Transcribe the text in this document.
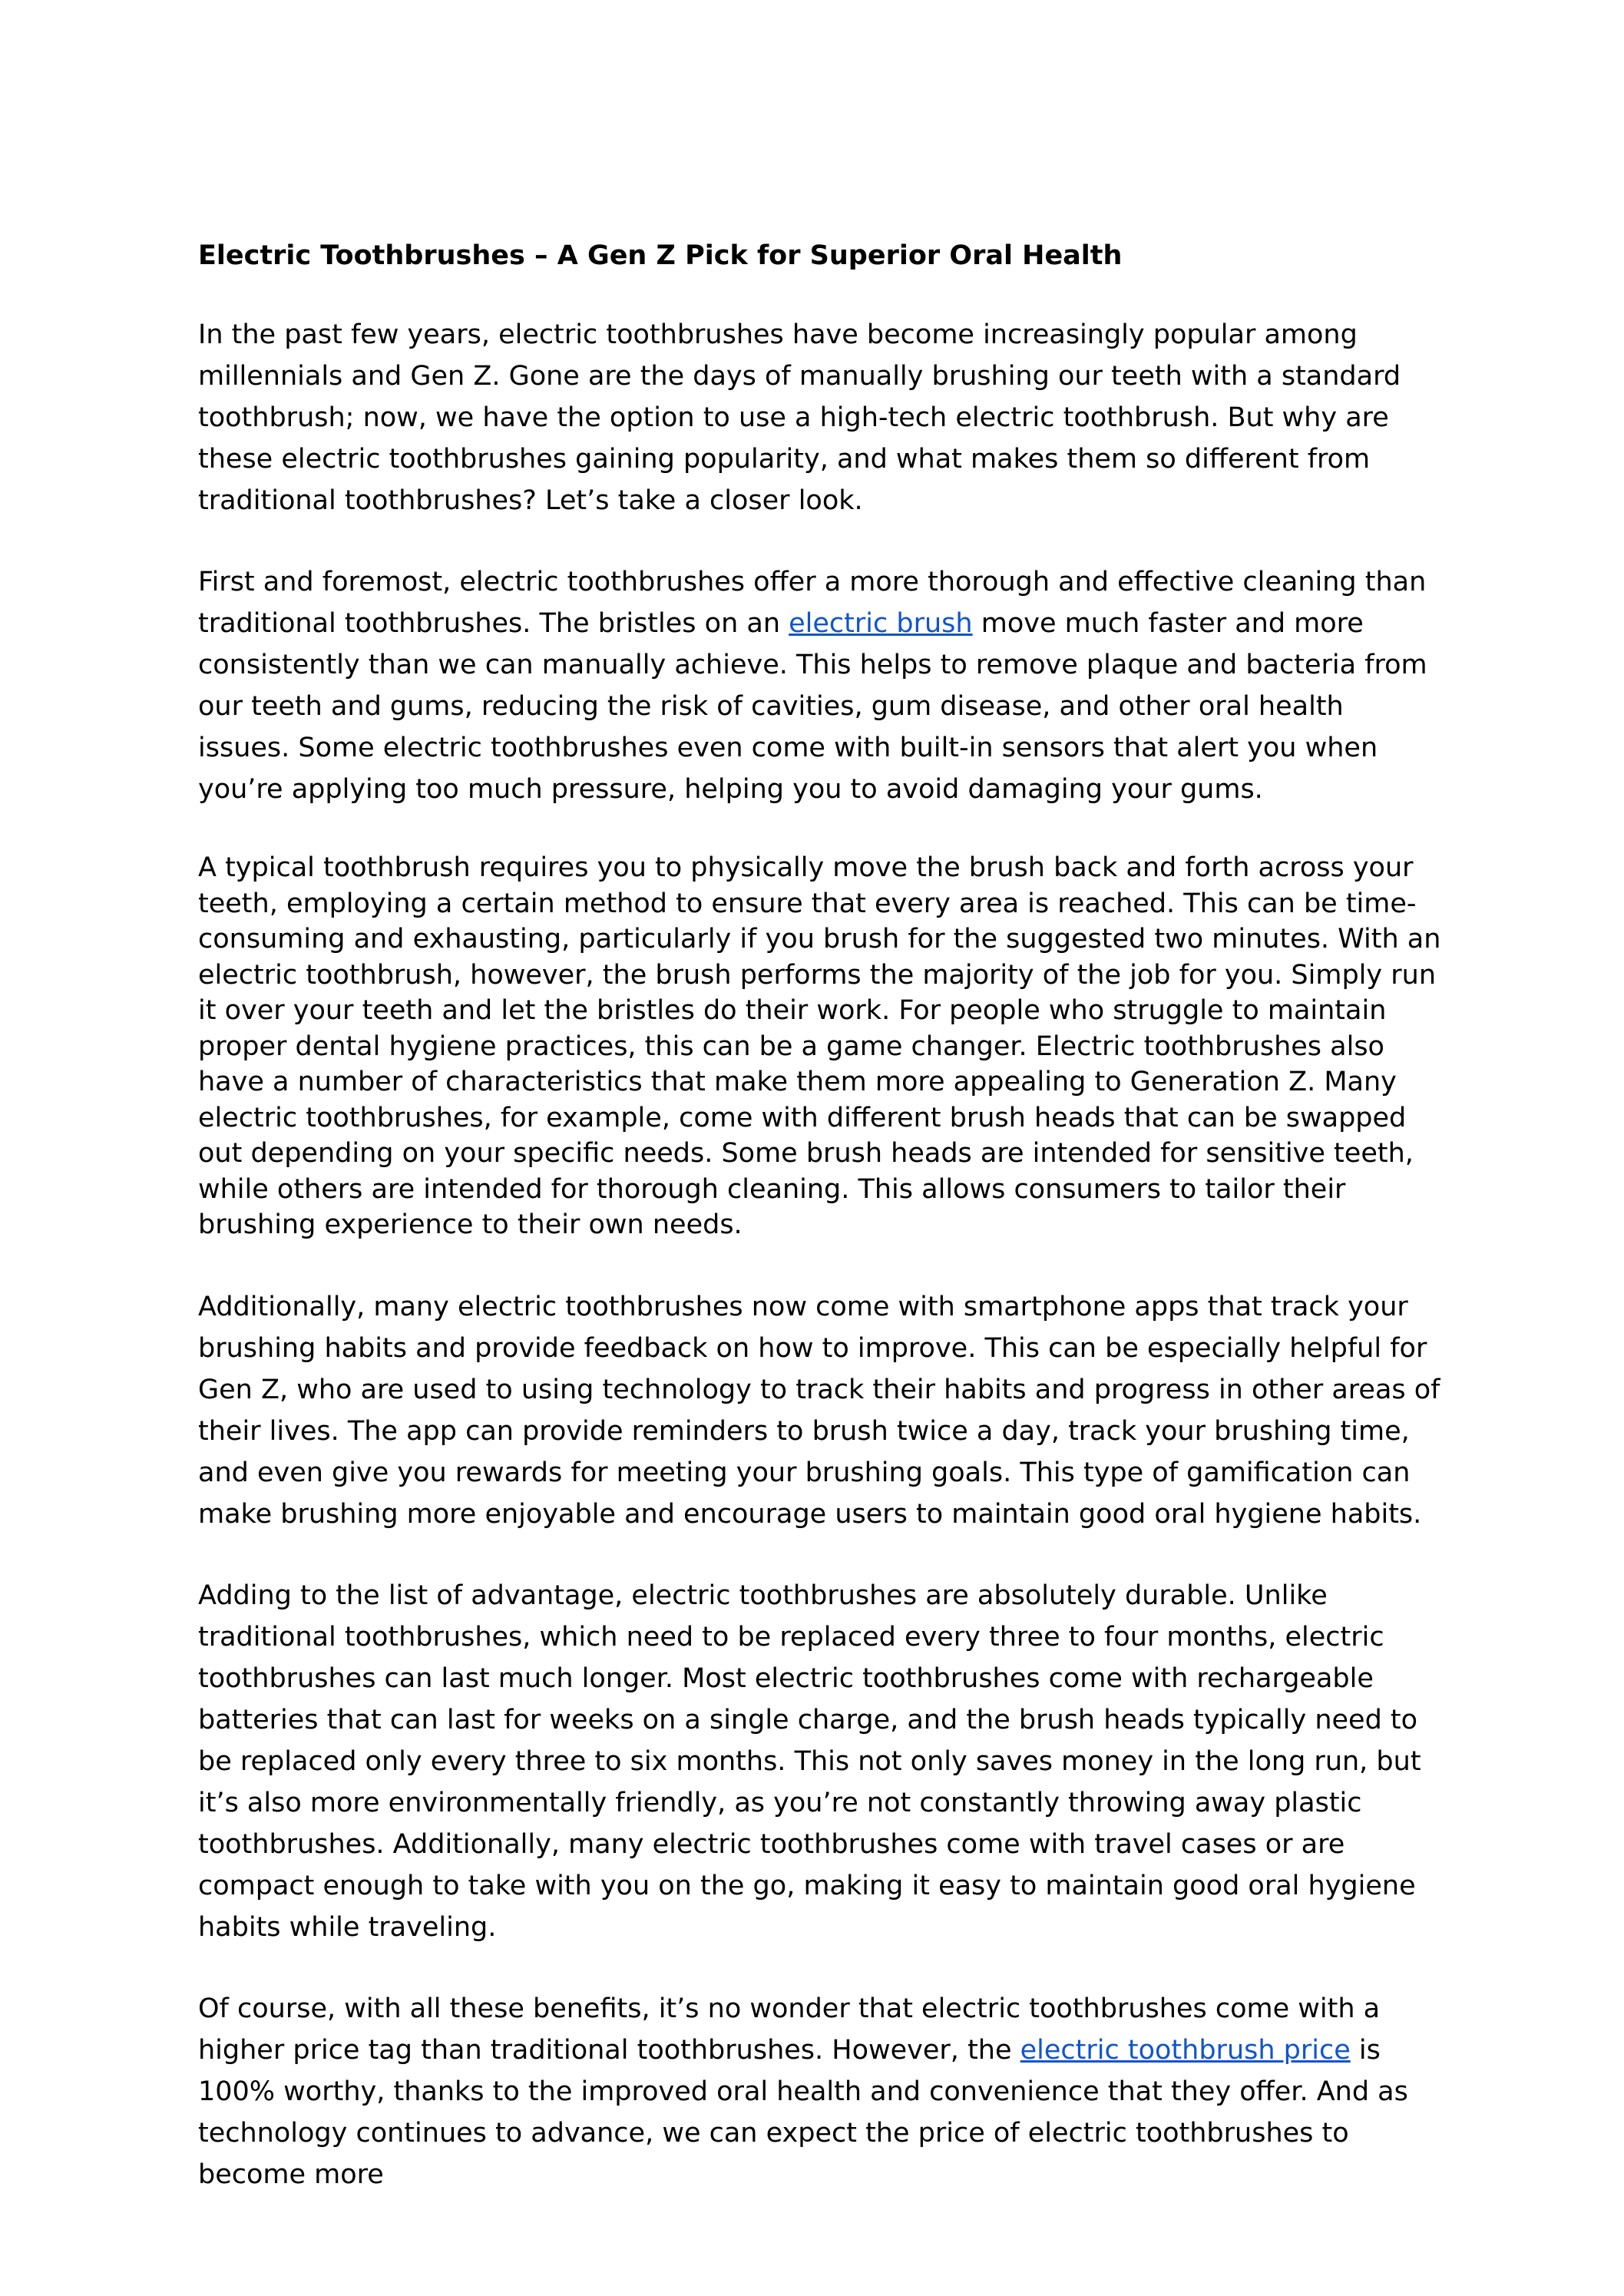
Electric Toothbrushes – A Gen Z Pick for Superior Oral Health

In the past few years, electric toothbrushes have become increasingly popular among millennials and Gen Z. Gone are the days of manually brushing our teeth with a standard toothbrush; now, we have the option to use a high-tech electric toothbrush. But why are these electric toothbrushes gaining popularity, and what makes them so different from traditional toothbrushes? Let’s take a closer look.

First and foremost, electric toothbrushes offer a more thorough and effective cleaning than traditional toothbrushes. The bristles on an electric brush move much faster and more consistently than we can manually achieve. This helps to remove plaque and bacteria from our teeth and gums, reducing the risk of cavities, gum disease, and other oral health issues. Some electric toothbrushes even come with built-in sensors that alert you when you’re applying too much pressure, helping you to avoid damaging your gums.

A typical toothbrush requires you to physically move the brush back and forth across your teeth, employing a certain method to ensure that every area is reached. This can be time-consuming and exhausting, particularly if you brush for the suggested two minutes. With an electric toothbrush, however, the brush performs the majority of the job for you. Simply run it over your teeth and let the bristles do their work. For people who struggle to maintain proper dental hygiene practices, this can be a game changer. Electric toothbrushes also have a number of characteristics that make them more appealing to Generation Z. Many electric toothbrushes, for example, come with different brush heads that can be swapped out depending on your specific needs. Some brush heads are intended for sensitive teeth, while others are intended for thorough cleaning. This allows consumers to tailor their brushing experience to their own needs.

Additionally, many electric toothbrushes now come with smartphone apps that track your brushing habits and provide feedback on how to improve. This can be especially helpful for Gen Z, who are used to using technology to track their habits and progress in other areas of their lives. The app can provide reminders to brush twice a day, track your brushing time, and even give you rewards for meeting your brushing goals. This type of gamification can make brushing more enjoyable and encourage users to maintain good oral hygiene habits.

Adding to the list of advantage, electric toothbrushes are absolutely durable. Unlike traditional toothbrushes, which need to be replaced every three to four months, electric toothbrushes can last much longer. Most electric toothbrushes come with rechargeable batteries that can last for weeks on a single charge, and the brush heads typically need to be replaced only every three to six months. This not only saves money in the long run, but it’s also more environmentally friendly, as you’re not constantly throwing away plastic toothbrushes. Additionally, many electric toothbrushes come with travel cases or are compact enough to take with you on the go, making it easy to maintain good oral hygiene habits while traveling.

Of course, with all these benefits, it’s no wonder that electric toothbrushes come with a higher price tag than traditional toothbrushes. However, the electric toothbrush price is 100% worthy, thanks to the improved oral health and convenience that they offer. And as technology continues to advance, we can expect the price of electric toothbrushes to become more
